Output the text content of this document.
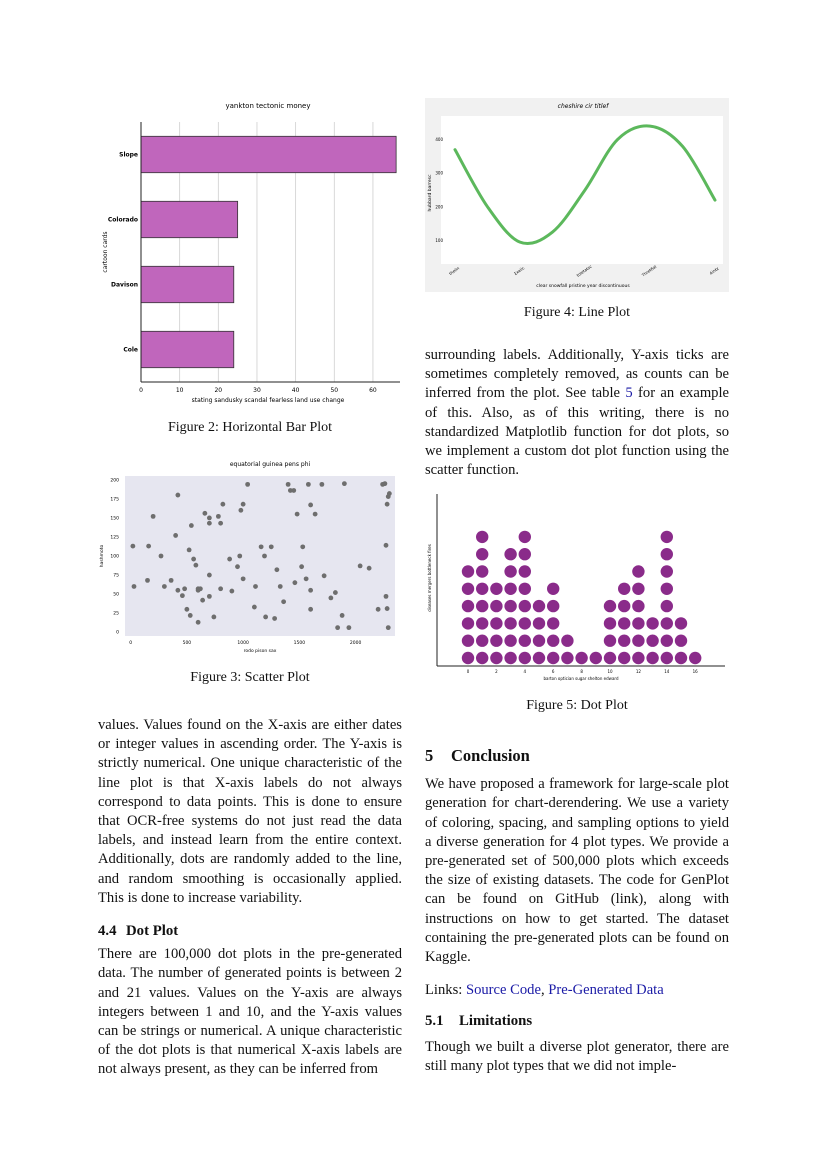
yankton tectonic money
0	10	20	30	40	50	60
Slope
Colorado
Davison
Cole
stating sandusky scandal fearless land use change
cartoon cards
Figure 2: Horizontal Bar Plot
equatorial guinea pens phi
0
25
50
75
100
125
150
175
200
0	500	1000	1500	2000
rodo pison sax
hashmoto
Figure 3: Scatter Plot
cheshire cir titlef
100
200
300
400
thelin	Σxeilc	toletatsc	Thretfial	Aintz
clear snowfall pristine year discontinuous
hubbard barresc
Figure 4: Line Plot
0	2	4	6	8	10	12	14	16
barton optician sugar shelton edward
diseases mergers bottleneck fires
Figure 5: Dot Plot

values. Values found on the X-axis are either dates or integer values in ascending order. The Y-axis is strictly numerical. One unique characteristic of the line plot is that X-axis labels do not always correspond to data points. This is done to ensure that OCR-free systems do not just read the data labels, and instead learn from the entire context. Additionally, dots are randomly added to the line, and random smoothing is occasionally applied. This is done to increase variability.

4.4 Dot Plot

There are 100,000 dot plots in the pre-generated data. The number of generated points is between 2 and 21 values. Values on the Y-axis are always integers between 1 and 10, and the Y-axis values can be strings or numerical. A unique characteristic of the dot plots is that numerical X-axis labels are not always present, as they can be inferred from

surrounding labels. Additionally, Y-axis ticks are sometimes completely removed, as counts can be inferred from the plot. See table 5 for an example of this. Also, as of this writing, there is no standardized Matplotlib function for dot plots, so we implement a custom dot plot function using the scatter function.

5 Conclusion

We have proposed a framework for large-scale plot generation for chart-derendering. We use a variety of coloring, spacing, and sampling options to yield a diverse generation for 4 plot types. We provide a pre-generated set of 500,000 plots which exceeds the size of existing datasets. The code for GenPlot can be found on GitHub (link), along with instructions on how to get started. The dataset containing the pre-generated plots can be found on Kaggle.

Links: Source Code, Pre-Generated Data

5.1 Limitations

Though we built a diverse plot generator, there are still many plot types that we did not imple-
